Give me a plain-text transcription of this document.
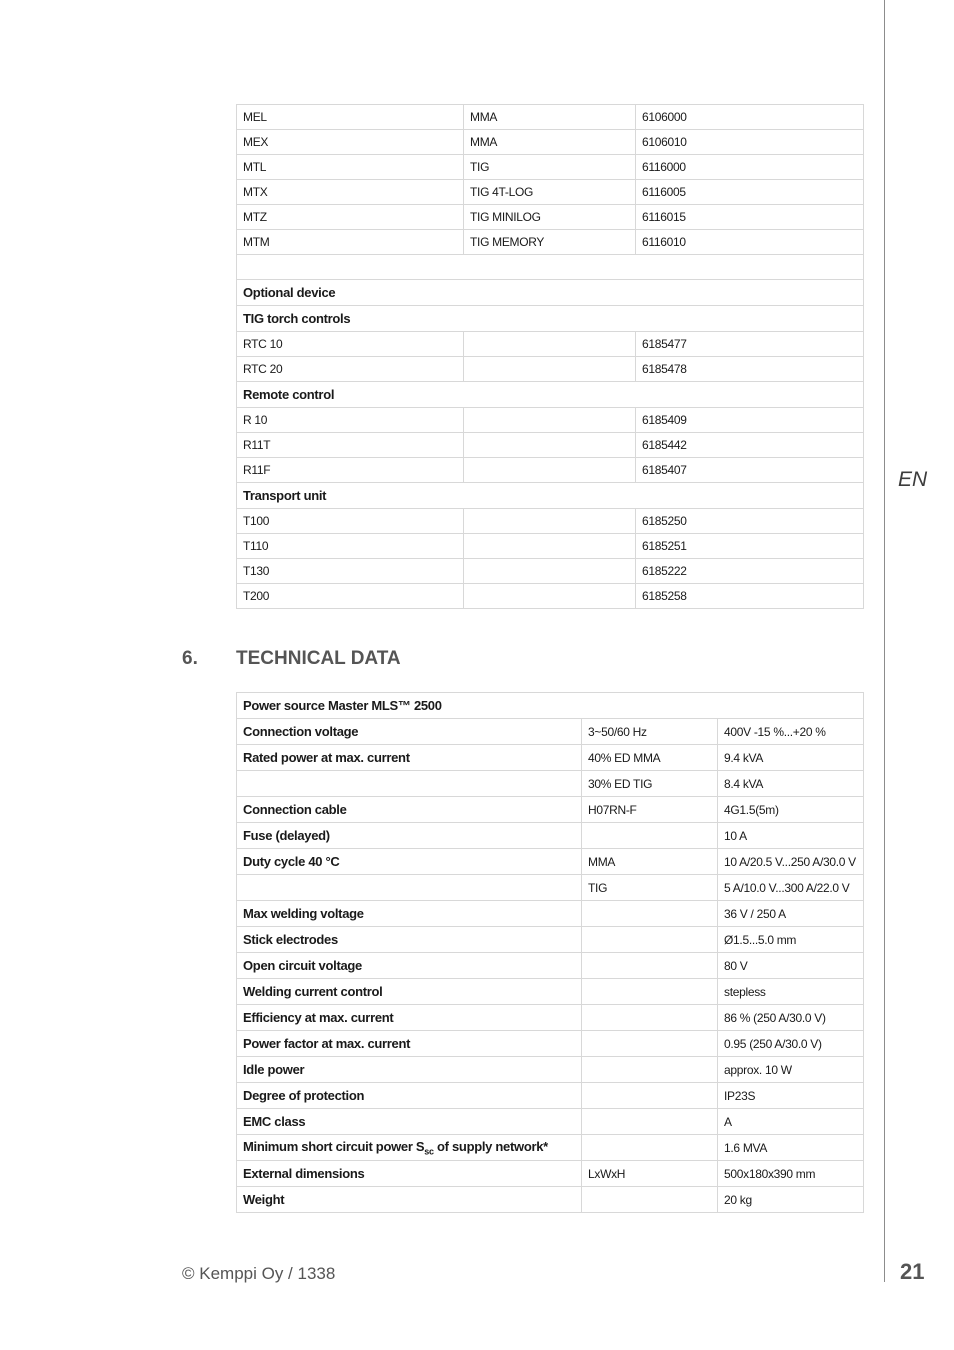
EN
MEL	MMA	6106000
MEX	MMA	6106010
MTL	TIG	6116000
MTX	TIG 4T-LOG	6116005
MTZ	TIG MINILOG	6116015
MTM	TIG MEMORY	6116010

Optional device		
TIG torch controls		
RTC 10		6185477
RTC 20		6185478
Remote control		
R 10		6185409
R11T		6185442
R11F		6185407
Transport unit		
T100		6185250
T110		6185251
T130		6185222
T200		6185258
6. TECHNICAL DATA
Power source Master MLS™ 2500		
Connection voltage	3~50/60 Hz	400V -15 %...+20 %
Rated power at max. current	40% ED MMA	9.4 kVA
	30% ED TIG	8.4 kVA
Connection cable	H07RN-F	4G1.5(5m)
Fuse (delayed)		10 A
Duty cycle 40 °C	MMA	10 A/20.5 V...250 A/30.0 V
	TIG	5 A/10.0 V...300 A/22.0 V
Max welding voltage		36 V / 250 A
Stick electrodes		Ø1.5...5.0 mm
Open circuit voltage		80 V
Welding current control		stepless
Efficiency at max. current		86 % (250 A/30.0 V)
Power factor at max. current		0.95 (250 A/30.0 V)
Idle power		approx. 10 W
Degree of protection		IP23S
EMC class		A
Minimum short circuit power $S_{sc}$ of supply network*		1.6 MVA
External dimensions	LxWxH	500x180x390 mm
Weight		20 kg
© Kemppi Oy / 1338	21
